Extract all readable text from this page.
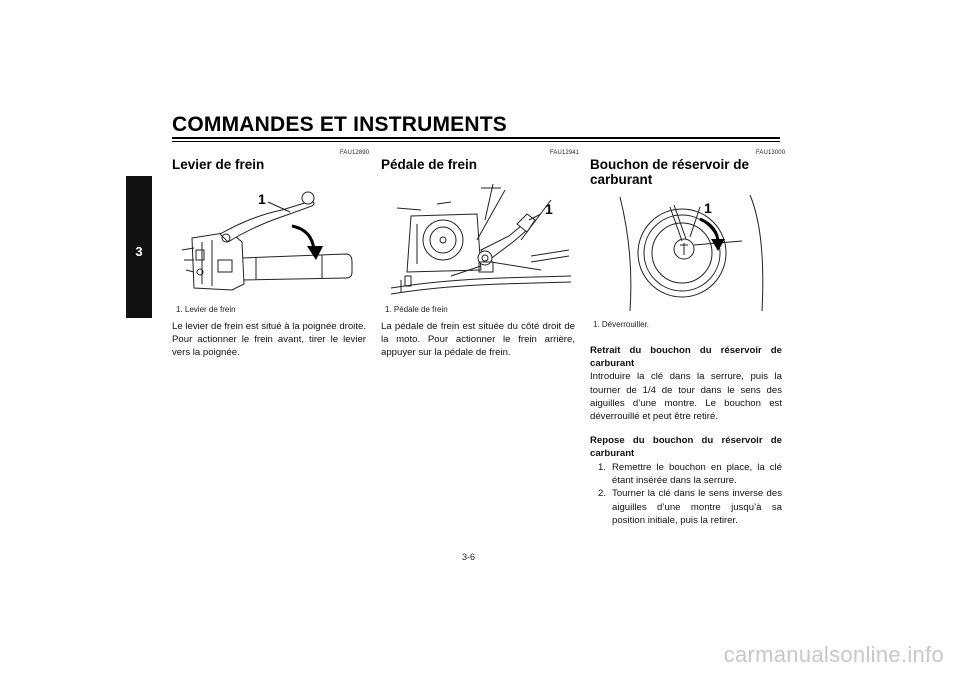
COMMANDES ET INSTRUMENTS
3
FAU12890
Levier de frein
1
1. Levier de frein

Le levier de frein est situé à la poignée droite. Pour actionner le frein avant, tirer le levier vers la poignée.

FAU12941
Pédale de frein
1
1. Pédale de frein

La pédale de frein est située du côté droit de la moto. Pour actionner le frein arrière, appuyer sur la pédale de frein.

FAU13000
Bouchon de réservoir de
carburant
1
1. Déverrouiller.

Retrait du bouchon du réservoir de carburant

Introduire la clé dans la serrure, puis la tourner de 1/4 de tour dans le sens des aiguilles d’une montre. Le bouchon est déverrouillé et peut être retiré.

Repose du bouchon du réservoir de carburant

1. Remettre le bouchon en place, la clé étant insérée dans la serrure.
2. Tourner la clé dans le sens inverse des aiguilles d’une montre jusqu’à sa position initiale, puis la retirer.
3-6
carmanualsonline.info
